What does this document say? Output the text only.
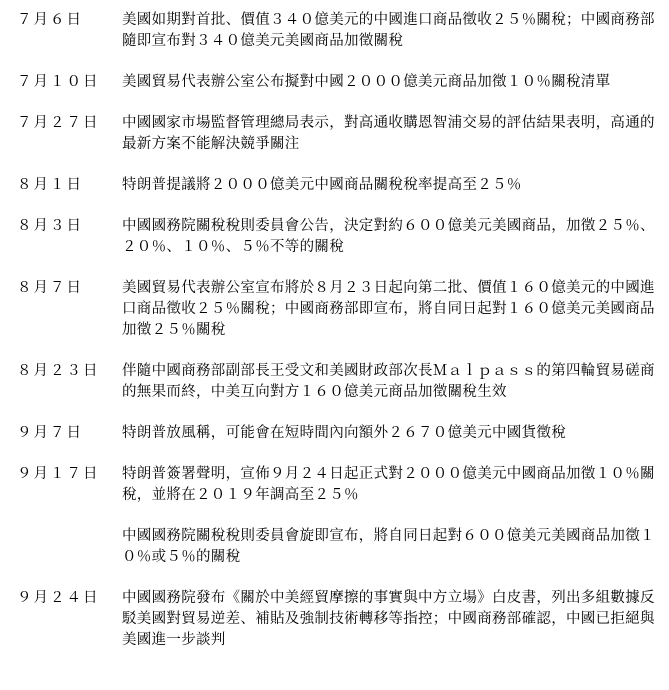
７月６日	美國如期對首批、價值３４０億美元的中國進口商品徵收２５％關稅；中國商務部隨即宣布對３４０億美元美國商品加徵關稅
７月１０日	美國貿易代表辦公室公布擬對中國２０００億美元商品加徵１０％關稅清單
７月２７日	中國國家市場監督管理總局表示，對高通收購恩智浦交易的評估結果表明，高通的最新方案不能解決競爭關注
８月１日	特朗普提議將２０００億美元中國商品關稅稅率提高至２５％
８月３日	中國國務院關稅稅則委員會公告，決定對約６００億美元美國商品，加徵２５％、２０％、１０％、５％不等的關稅
８月７日	美國貿易代表辦公室宣布將於８月２３日起向第二批、價值１６０億美元的中國進口商品徵收２５％關稅；中國商務部即宣布，將自同日起對１６０億美元美國商品加徵２５％關稅
８月２３日	伴隨中國商務部副部長王受文和美國財政部次長Ｍａｌｐａｓｓ的第四輪貿易磋商的無果而終，中美互向對方１６０億美元商品加徵關稅生效
９月７日	特朗普放風稱，可能會在短時間內向額外２６７０億美元中國貨徵稅
９月１７日	特朗普簽署聲明，宣佈９月２４日起正式對２０００億美元中國商品加徵１０％關稅，並將在２０１９年調高至２５％
中國國務院關稅稅則委員會旋即宣布，將自同日起對６００億美元美國商品加徵１０％或５％的關稅
９月２４日	中國國務院發布《關於中美經貿摩擦的事實與中方立場》白皮書，列出多組數據反駁美國對貿易逆差、補貼及強制技術轉移等指控；中國商務部確認，中國已拒絕與美國進一步談判
